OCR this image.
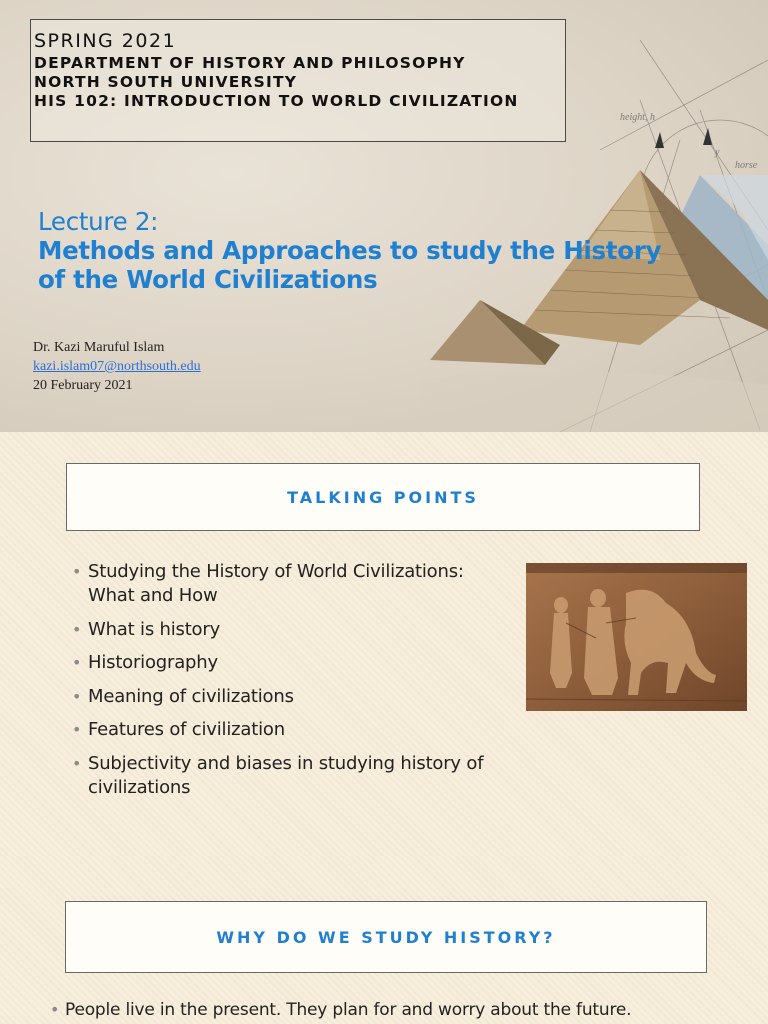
height, h
y
horse
SPRING 2021
DEPARTMENT OF HISTORY AND PHILOSOPHY
NORTH SOUTH UNIVERSITY
HIS 102: INTRODUCTION TO WORLD CIVILIZATION
Lecture 2:
Methods and Approaches to study the History
of the World Civilizations
Dr. Kazi Maruful Islam
kazi.islam07@northsouth.edu
20 February 2021
TALKING POINTS
• Studying the History of World Civilizations: What and How
• What is history
• Historiography
• Meaning of civilizations
• Features of civilization
• Subjectivity and biases in studying history of civilizations
WHY DO WE STUDY HISTORY?
• People live in the present. They plan for and worry about the future.
